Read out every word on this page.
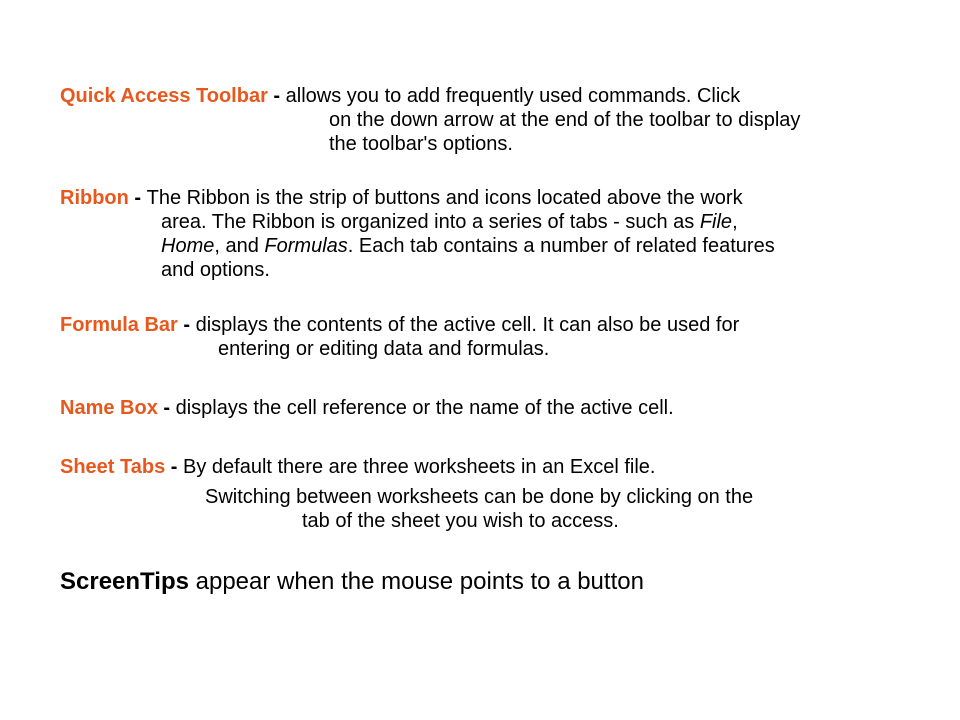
Quick Access Toolbar - allows you to add frequently used commands. Click
on the down arrow at the end of the toolbar to display
the toolbar's options.
Ribbon - The Ribbon is the strip of buttons and icons located above the work
area. The Ribbon is organized into a series of tabs - such as File,
Home, and Formulas. Each tab contains a number of related features
and options.
Formula Bar - displays the contents of the active cell. It can also be used for
entering or editing data and formulas.
Name Box - displays the cell reference or the name of the active cell.
Sheet Tabs - By default there are three worksheets in an Excel file.
Switching between worksheets can be done by clicking on the
tab of the sheet you wish to access.
ScreenTips appear when the mouse points to a button
